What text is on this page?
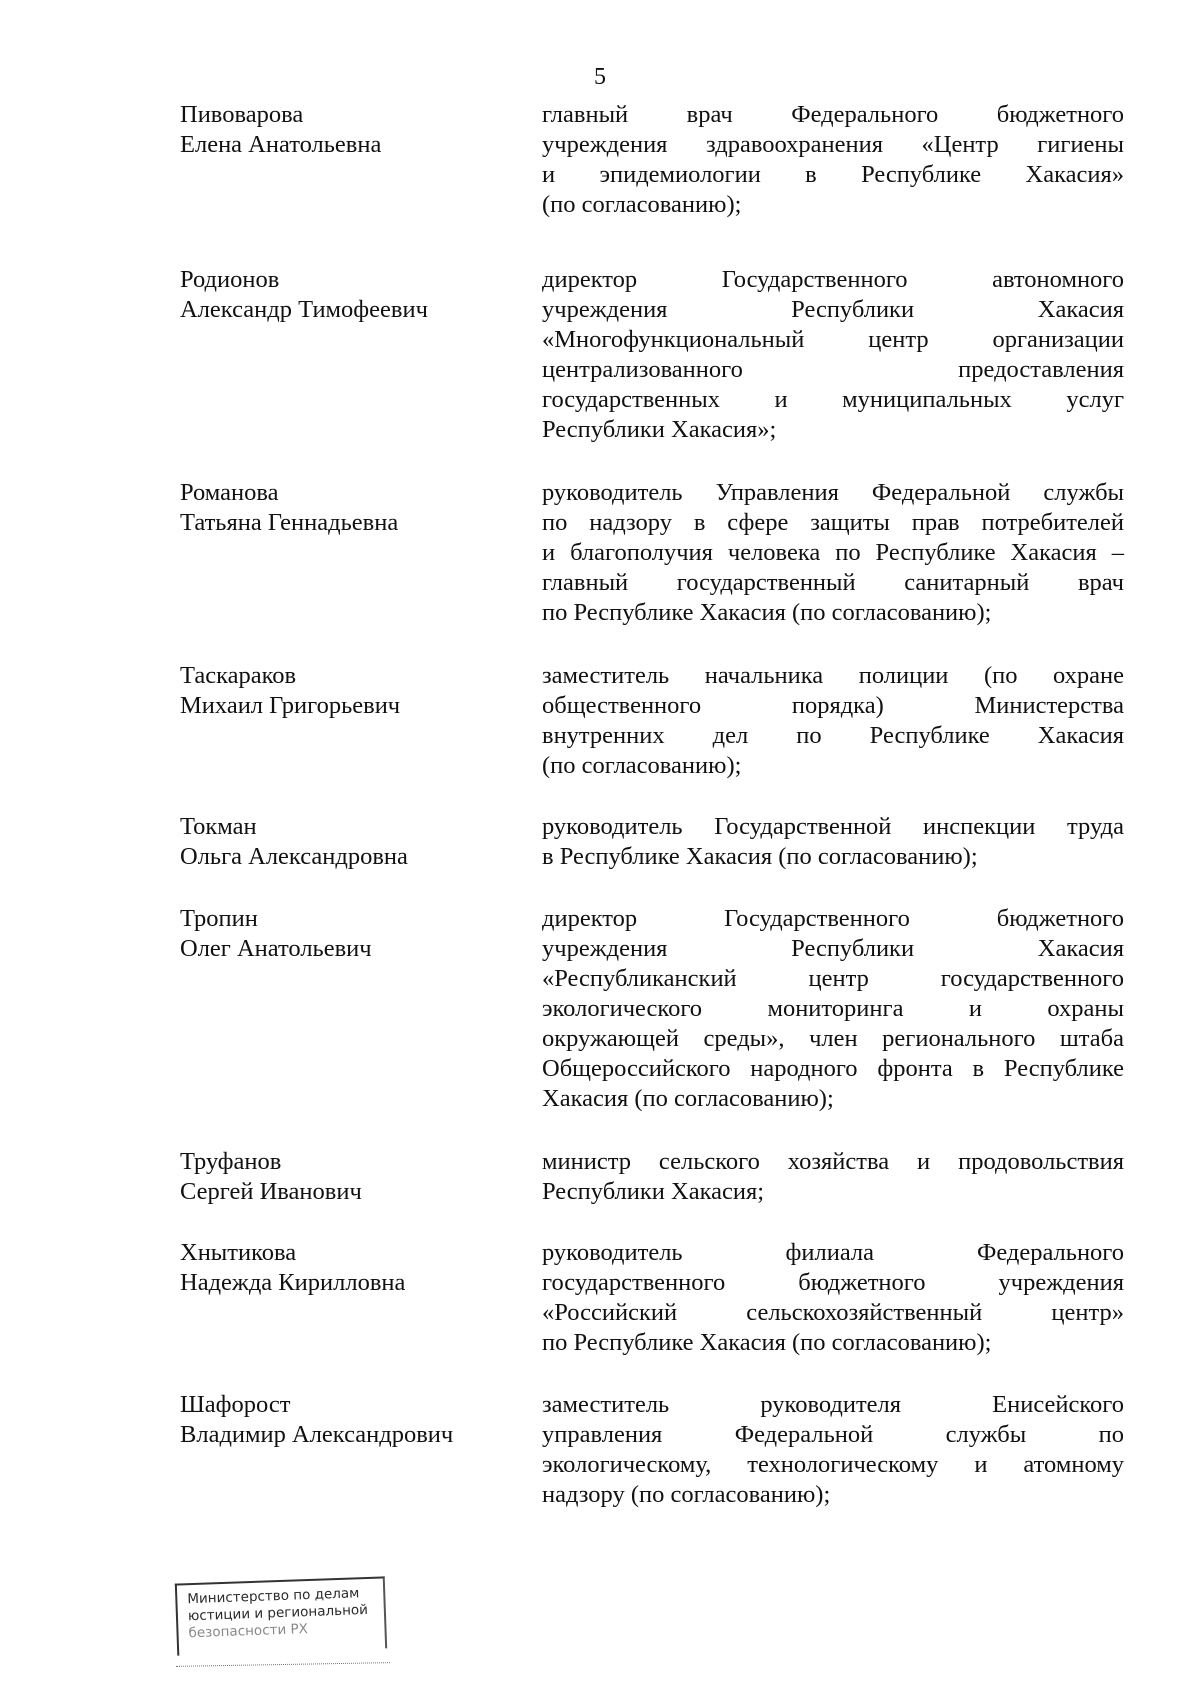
5
Пивоварова
Елена Анатольевна
главный врач Федерального бюджетного
учреждения здравоохранения «Центр гигиены
и эпидемиологии в Республике Хакасия»
(по согласованию);
Родионов
Александр Тимофеевич
директор Государственного автономного
учреждения Республики Хакасия
«Многофункциональный центр организации
централизованного предоставления
государственных и муниципальных услуг
Республики Хакасия»;
Романова
Татьяна Геннадьевна
руководитель Управления Федеральной службы
по надзору в сфере защиты прав потребителей
и благополучия человека по Республике Хакасия –
главный государственный санитарный врач
по Республике Хакасия (по согласованию);
Таскараков
Михаил Григорьевич
заместитель начальника полиции (по охране
общественного порядка) Министерства
внутренних дел по Республике Хакасия
(по согласованию);
Токман
Ольга Александровна
руководитель Государственной инспекции труда
в Республике Хакасия (по согласованию);
Тропин
Олег Анатольевич
директор Государственного бюджетного
учреждения Республики Хакасия
«Республиканский центр государственного
экологического мониторинга и охраны
окружающей среды», член регионального штаба
Общероссийского народного фронта в Республике
Хакасия (по согласованию);
Труфанов
Сергей Иванович
министр сельского хозяйства и продовольствия
Республики Хакасия;
Хнытикова
Надежда Кирилловна
руководитель филиала Федерального
государственного бюджетного учреждения
«Российский сельскохозяйственный центр»
по Республике Хакасия (по согласованию);
Шафорост
Владимир Александрович
заместитель руководителя Енисейского
управления Федеральной службы по
экологическому, технологическому и атомному
надзору (по согласованию);
Министерство по делам
юстиции и региональной
безопасности РХ
